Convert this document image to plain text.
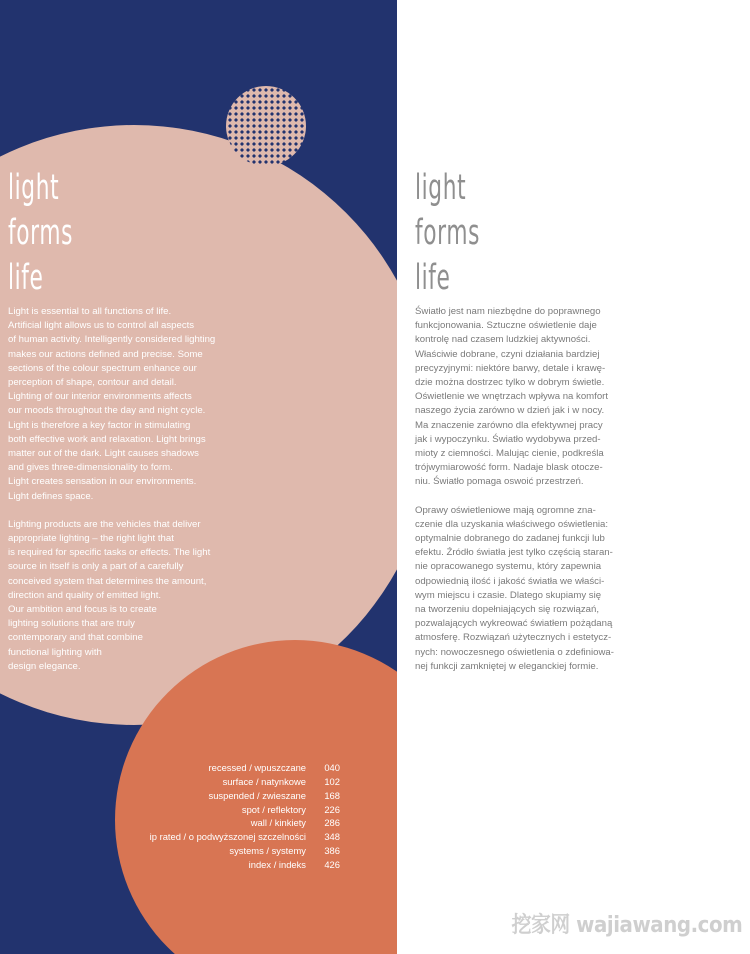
light
forms
life
light
forms
life
Light is essential to all functions of life.
Artificial light allows us to control all aspects
of human activity. Intelligently considered lighting
makes our actions defined and precise. Some
sections of the colour spectrum enhance our
perception of shape, contour and detail.
Lighting of our interior environments affects
our moods throughout the day and night cycle.
Light is therefore a key factor in stimulating
both effective work and relaxation. Light brings
matter out of the dark. Light causes shadows
and gives three-dimensionality to form.
Light creates sensation in our environments.
Light defines space.
Lighting products are the vehicles that deliver
appropriate lighting – the right light that
is required for specific tasks or effects. The light
source in itself is only a part of a carefully
conceived system that determines the amount,
direction and quality of emitted light.
Our ambition and focus is to create
lighting solutions that are truly
contemporary and that combine
functional lighting with
design elegance.
Światło jest nam niezbędne do poprawnego
funkcjonowania. Sztuczne oświetlenie daje
kontrolę nad czasem ludzkiej aktywności.
Właściwie dobrane, czyni działania bardziej
precyzyjnymi: niektóre barwy, detale i krawę-
dzie można dostrzec tylko w dobrym świetle.
Oświetlenie we wnętrzach wpływa na komfort
naszego życia zarówno w dzień jak i w nocy.
Ma znaczenie zarówno dla efektywnej pracy
jak i wypoczynku. Światło wydobywa przed-
mioty z ciemności. Malując cienie, podkreśla
trójwymiarowość form. Nadaje blask otocze-
niu. Światło pomaga oswoić przestrzeń.
Oprawy oświetleniowe mają ogromne zna-
czenie dla uzyskania właściwego oświetlenia:
optymalnie dobranego do zadanej funkcji lub
efektu. Źródło światła jest tylko częścią staran-
nie opracowanego systemu, który zapewnia
odpowiednią ilość i jakość światła we właści-
wym miejscu i czasie. Dlatego skupiamy się
na tworzeniu dopełniających się rozwiązań,
pozwalających wykreować światłem pożądaną
atmosferę. Rozwiązań użytecznych i estetycz-
nych: nowoczesnego oświetlenia o zdefiniowa-
nej funkcji zamkniętej w eleganckiej formie.
content
recessed / wpuszczane	040
surface / natynkowe	102
suspended / zwieszane	168
spot / reflektory	226
wall / kinkiety	286
ip rated / o podwyższonej szczelności	348
systems / systemy	386
index / indeks	426
挖家网 wajiawang.com
